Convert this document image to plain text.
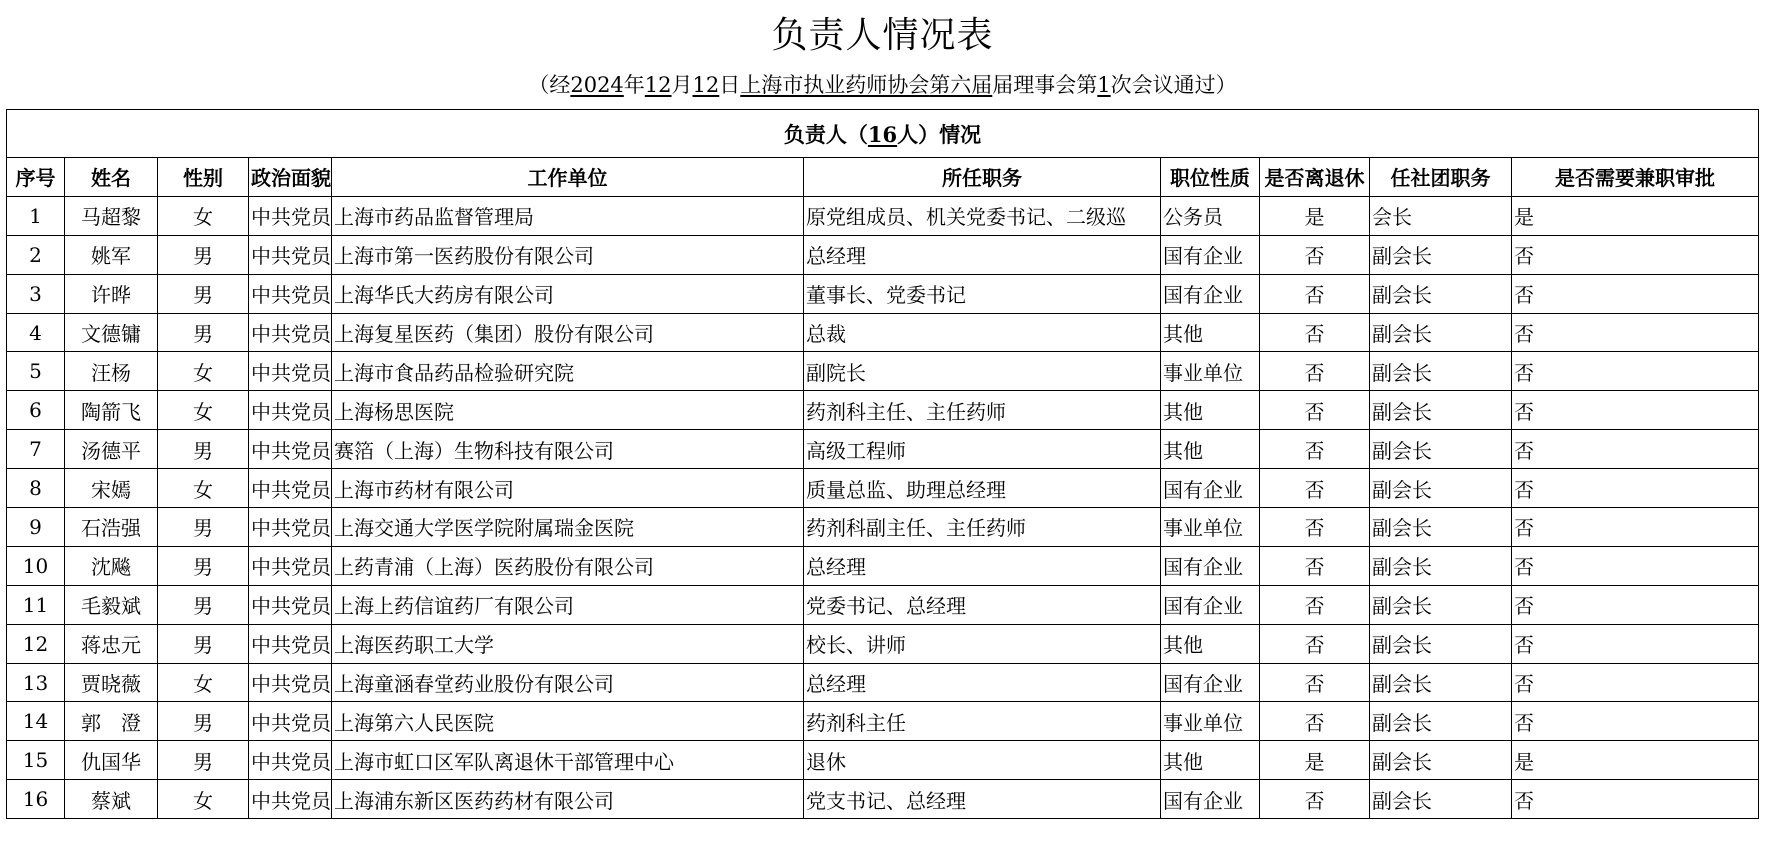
负责人情况表
（经2024年12月12日上海市执业药师协会第六届届理事会第1次会议通过）
负责人（16人）情况									
序号	姓名	性别	政治面貌	工作单位	所任职务	职位性质	是否离退休	任社团职务	是否需要兼职审批
1	马超黎	女	中共党员	上海市药品监督管理局	原党组成员、机关党委书记、二级巡	公务员	是	会长	是
2	姚军	男	中共党员	上海市第一医药股份有限公司	总经理	国有企业	否	副会长	否
3	许晔	男	中共党员	上海华氏大药房有限公司	董事长、党委书记	国有企业	否	副会长	否
4	文德镛	男	中共党员	上海复星医药（集团）股份有限公司	总裁	其他	否	副会长	否
5	汪杨	女	中共党员	上海市食品药品检验研究院	副院长	事业单位	否	副会长	否
6	陶箭飞	女	中共党员	上海杨思医院	药剂科主任、主任药师	其他	否	副会长	否
7	汤德平	男	中共党员	赛箔（上海）生物科技有限公司	高级工程师	其他	否	副会长	否
8	宋嫣	女	中共党员	上海市药材有限公司	质量总监、助理总经理	国有企业	否	副会长	否
9	石浩强	男	中共党员	上海交通大学医学院附属瑞金医院	药剂科副主任、主任药师	事业单位	否	副会长	否
10	沈飚	男	中共党员	上药青浦（上海）医药股份有限公司	总经理	国有企业	否	副会长	否
11	毛毅斌	男	中共党员	上海上药信谊药厂有限公司	党委书记、总经理	国有企业	否	副会长	否
12	蒋忠元	男	中共党员	上海医药职工大学	校长、讲师	其他	否	副会长	否
13	贾晓薇	女	中共党员	上海童涵春堂药业股份有限公司	总经理	国有企业	否	副会长	否
14	郭　澄	男	中共党员	上海第六人民医院	药剂科主任	事业单位	否	副会长	否
15	仇国华	男	中共党员	上海市虹口区军队离退休干部管理中心	退休	其他	是	副会长	是
16	蔡斌	女	中共党员	上海浦东新区医药药材有限公司	党支书记、总经理	国有企业	否	副会长	否
